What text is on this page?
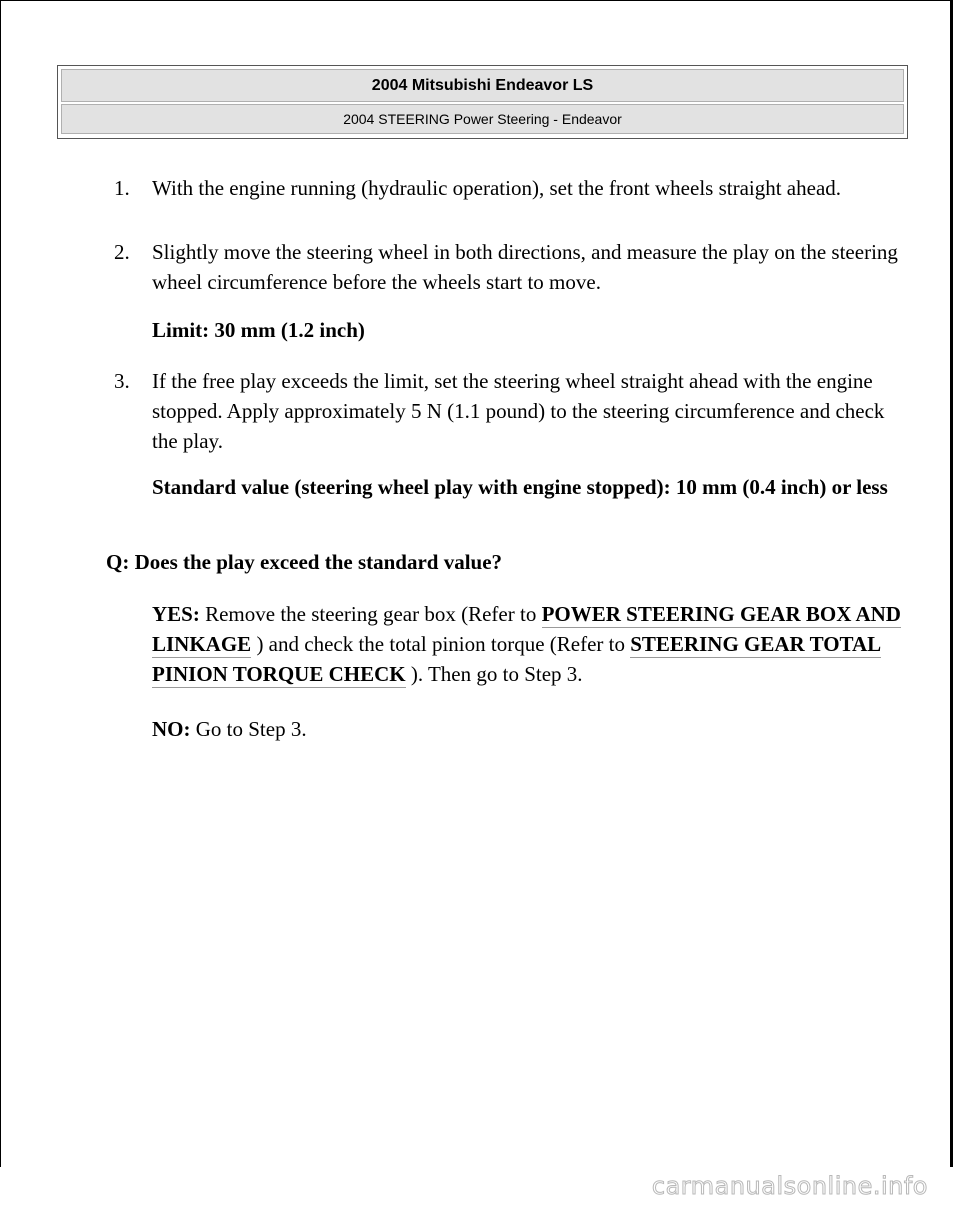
2004 Mitsubishi Endeavor LS
2004 STEERING Power Steering - Endeavor
1. With the engine running (hydraulic operation), set the front wheels straight ahead.
2. Slightly move the steering wheel in both directions, and measure the play on the steering wheel circumference before the wheels start to move.
Limit: 30 mm (1.2 inch)
3. If the free play exceeds the limit, set the steering wheel straight ahead with the engine stopped. Apply approximately 5 N (1.1 pound) to the steering circumference and check the play.
Standard value (steering wheel play with engine stopped): 10 mm (0.4 inch) or less
Q: Does the play exceed the standard value?
YES: Remove the steering gear box (Refer to POWER STEERING GEAR BOX AND LINKAGE ) and check the total pinion torque (Refer to STEERING GEAR TOTAL PINION TORQUE CHECK ). Then go to Step 3.
NO: Go to Step 3.
carmanualsonline.info
